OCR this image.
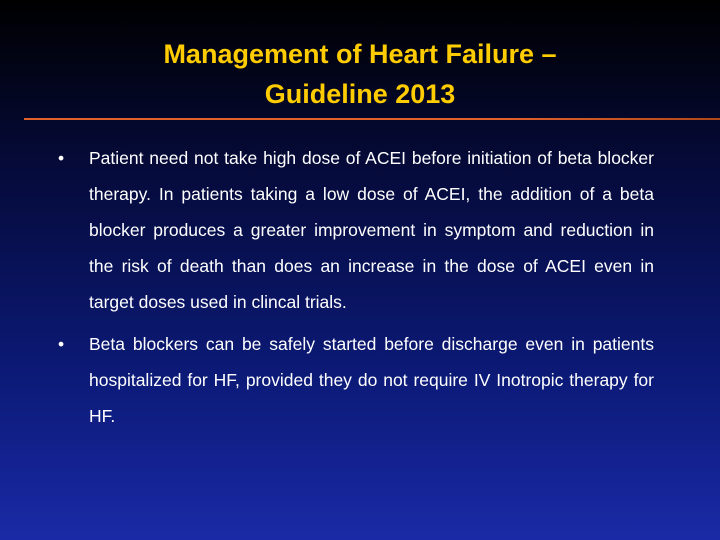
Management of Heart Failure –
Guideline 2013
•	Patient need not take high dose of ACEI before initiation of beta blocker therapy. In patients taking a low dose of ACEI, the addition of a beta blocker produces a greater improvement in symptom and reduction in the risk of death than does an increase in the dose of ACEI even in target doses used in clincal trials.
•	Beta blockers can be safely started before discharge even in patients hospitalized for HF, provided they do not require IV Inotropic therapy for HF.
